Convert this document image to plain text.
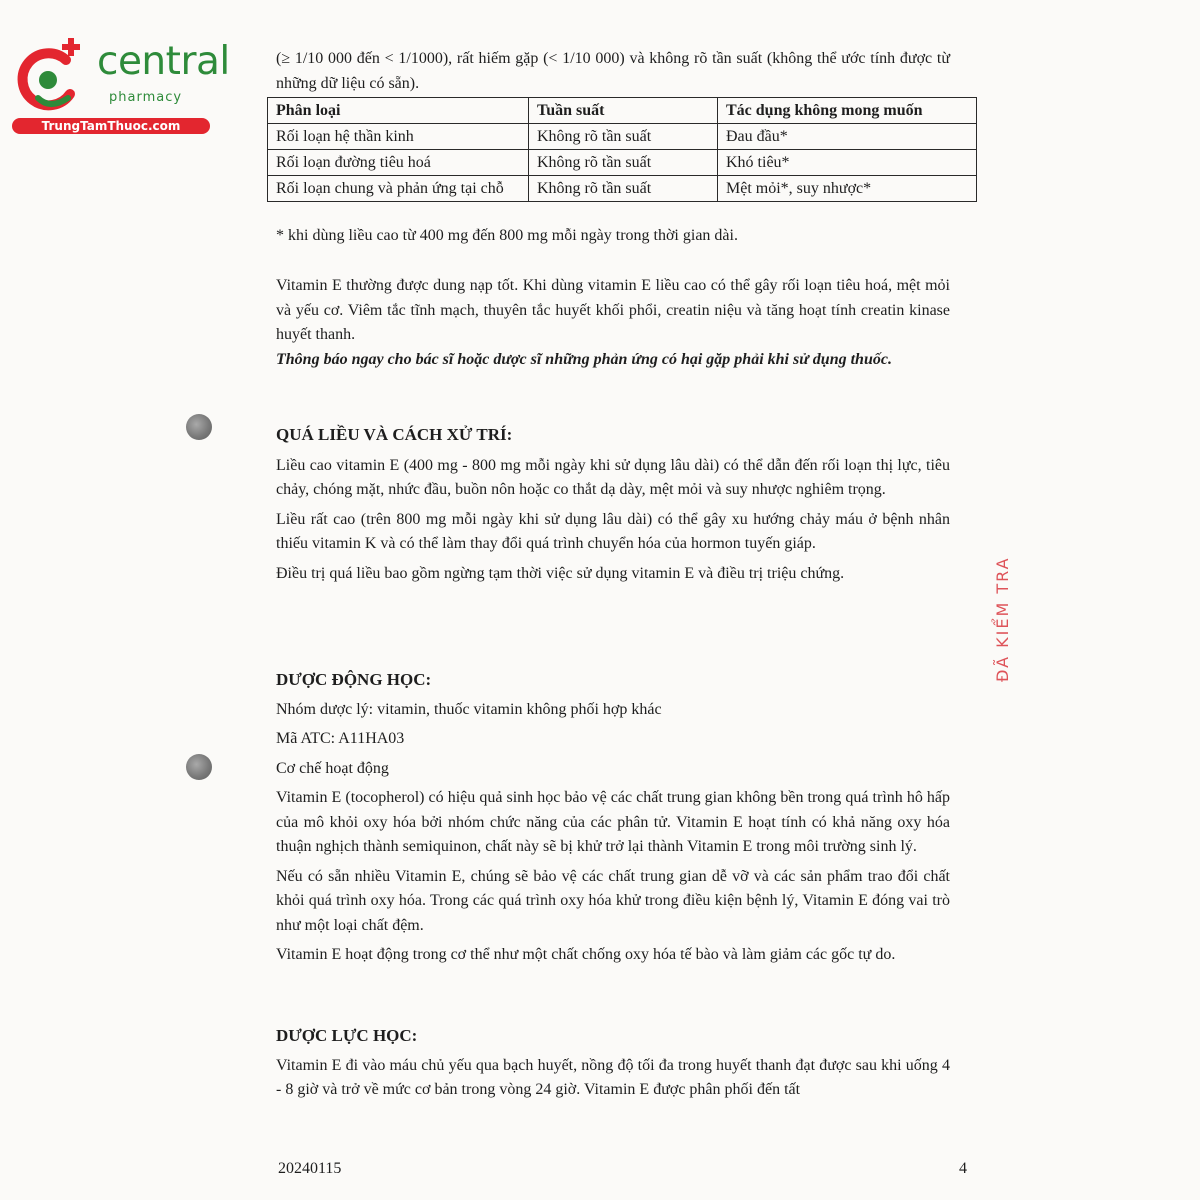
central
pharmacy
TrungTamThuoc.com
ĐÃ KIỂM TRA

(≥ 1/10 000 đến < 1/1000), rất hiếm gặp (< 1/10 000) và không rõ tần suất (không thể ước tính được từ những dữ liệu có sẵn).

Phân loại	Tuần suất	Tác dụng không mong muốn
Rối loạn hệ thần kinh	Không rõ tần suất	Đau đầu*
Rối loạn đường tiêu hoá	Không rõ tần suất	Khó tiêu*
Rối loạn chung và phản ứng tại chỗ	Không rõ tần suất	Mệt mỏi*, suy nhược*

* khi dùng liều cao từ 400 mg đến 800 mg mỗi ngày trong thời gian dài.

Vitamin E thường được dung nạp tốt. Khi dùng vitamin E liều cao có thể gây rối loạn tiêu hoá, mệt mỏi và yếu cơ. Viêm tắc tĩnh mạch, thuyên tắc huyết khối phổi, creatin niệu và tăng hoạt tính creatin kinase huyết thanh.

Thông báo ngay cho bác sĩ hoặc dược sĩ những phản ứng có hại gặp phải khi sử dụng thuốc.

QUÁ LIỀU VÀ CÁCH XỬ TRÍ:

Liều cao vitamin E (400 mg - 800 mg mỗi ngày khi sử dụng lâu dài) có thể dẫn đến rối loạn thị lực, tiêu chảy, chóng mặt, nhức đầu, buồn nôn hoặc co thắt dạ dày, mệt mỏi và suy nhược nghiêm trọng.

Liều rất cao (trên 800 mg mỗi ngày khi sử dụng lâu dài) có thể gây xu hướng chảy máu ở bệnh nhân thiếu vitamin K và có thể làm thay đổi quá trình chuyển hóa của hormon tuyến giáp.

Điều trị quá liều bao gồm ngừng tạm thời việc sử dụng vitamin E và điều trị triệu chứng.

DƯỢC ĐỘNG HỌC:

Nhóm dược lý: vitamin, thuốc vitamin không phối hợp khác

Mã ATC: A11HA03

Cơ chế hoạt động

Vitamin E (tocopherol) có hiệu quả sinh học bảo vệ các chất trung gian không bền trong quá trình hô hấp của mô khỏi oxy hóa bởi nhóm chức năng của các phân tử. Vitamin E hoạt tính có khả năng oxy hóa thuận nghịch thành semiquinon, chất này sẽ bị khử trở lại thành Vitamin E trong môi trường sinh lý.

Nếu có sẵn nhiều Vitamin E, chúng sẽ bảo vệ các chất trung gian dễ vỡ và các sản phẩm trao đổi chất khỏi quá trình oxy hóa. Trong các quá trình oxy hóa khử trong điều kiện bệnh lý, Vitamin E đóng vai trò như một loại chất đệm.

Vitamin E hoạt động trong cơ thể như một chất chống oxy hóa tế bào và làm giảm các gốc tự do.

DƯỢC LỰC HỌC:

Vitamin E đi vào máu chủ yếu qua bạch huyết, nồng độ tối đa trong huyết thanh đạt được sau khi uống 4 - 8 giờ và trở về mức cơ bản trong vòng 24 giờ. Vitamin E được phân phối đến tất

20240115	4
